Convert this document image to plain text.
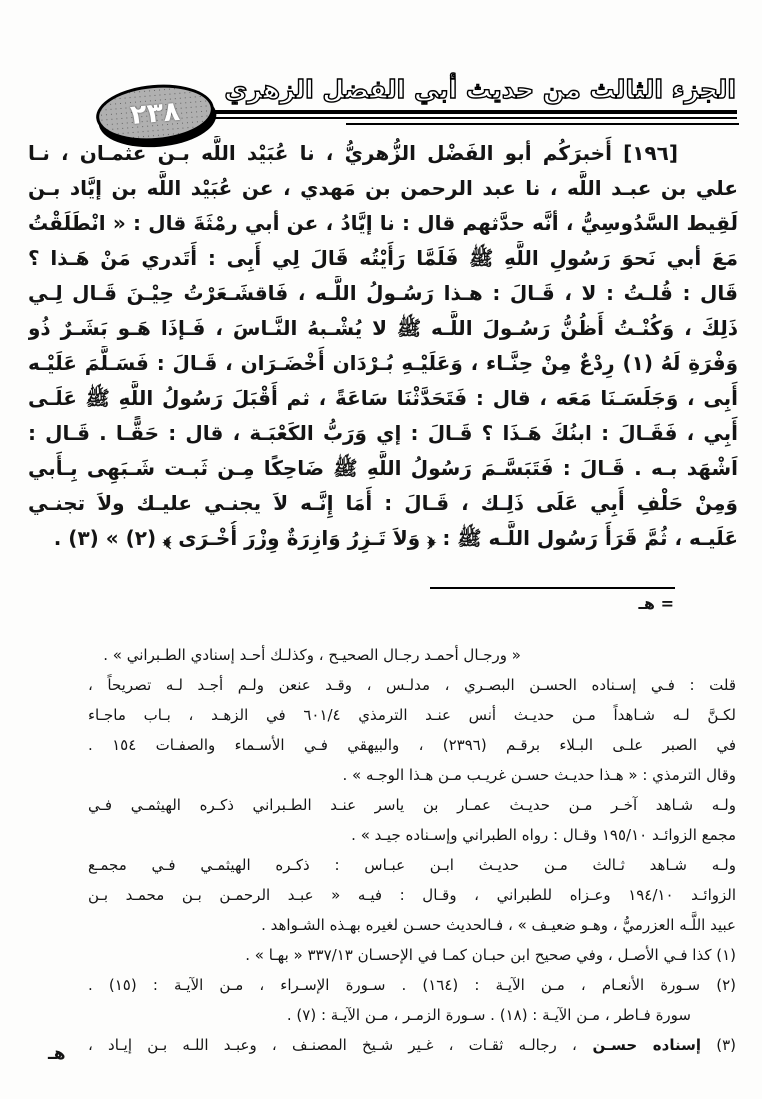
الجزء الثالث من حديث أبي الفضل الزهري
٢٣٨
[١٩٦] أَخبرَكُم أبو الفَضْل الزُّهريُّ ، نا عُبَيْد اللَّه بـن عثمـان ، نـا
علي بن عبـد اللَّه ، نا عبد الرحمن بن مَهدي ، عن عُبَيْد اللَّه بن إيَّاد بـن
لَقِيط السَّدُوسِيُّ ، أنَّه حدَّثهم قال : نا إيَّادُ ، عن أبي رمْثَةَ قال : « انْطَلَقْتُ
مَعَ أبي نَحوَ رَسُولِ اللَّهِ ﷺ فَلَمَّا رَأَيْتُه قَالَ لِي أَبِى : أَتَدري مَنْ هَـذا ؟
قَال : قُلـتُ : لا ، قَـالَ : هـذا رَسُـولُ اللَّـه ، فَاقشَـعَرْتُ حِيْـنَ قَـال لِـي
ذَلِكَ ، وَكُنْـتُ أَظُنُّ رَسُـولَ اللَّـه ﷺ لا يُشْـبهُ النَّـاسَ ، فَـإذَا هَـو بَشَـرٌ ذُو
وَفْرَةِ لَهُ (١) رِدْعٌ مِنْ حِنَّـاء ، وَعَلَيْـهِ بُـرْدَان أَخْضَـرَان ، قَـالَ : فَسَـلَّمَ عَلَيْـه
أَبِى ، وَجَلَسَـنَا مَعَه ، قال : فَتَحَدَّثْنَا سَاعَةً ، ثم أَقْبَلَ رَسُولُ اللَّهِ ﷺ عَلَـى
أَبِي ، فَقَـالَ : ابنُكَ هَـذَا ؟ قَـالَ : إي وَرَبُّ الكَعْبَـة ، قال : حَقًّـا . قَـال :
اَشْهَد بـه . قَـالَ : فَتَبَسَّـمَ رَسُولُ اللَّهِ ﷺ ضَاحِكًا مِـن ثَبـت شَـبَهِى بِـأَبي
وَمِنْ حَلْفِ أَبِي عَلَى ذَلِـك ، قَـالَ : أَمَا إِنَّـه لاَ يجنـي عليـك ولاَ تجنـي
عَلَيـه ، ثُمَّ قَرَأَ رَسُول اللَّـه ﷺ : ﴿ وَلاَ تَـزِرُ وَازِرَةٌ وِزْرَ أُخْـرَى ﴾ (٢) » (٣) .
= هـ
« ورجـال أحمـد رجـال الصحيـح ، وكذلـك أحـد إسنادي الطـبراني » .
قلت : فـي إسـناده الحسـن البصـري ، مدلـس ، وقـد عنعن ولـم أجـد لـه تصريحاً ،
لكـنَّ لـه شـاهداً مـن حديـث أنس عنـد الترمذي ٦٠١/٤ في الزهـد ، بـاب ماجـاء
في الصبر علـى البـلاء برقـم (٢٣٩٦) ، والبيهقي فـي الأسـماء والصفـات ١٥٤ .
وقال الترمذي : « هـذا حديـث حسـن غريـب مـن هـذا الوجـه » .
ولـه شـاهد آخـر مـن حديـث عمـار بن ياسر عنـد الطـبراني ذكـره الهيثمـي فـي
مجمع الزوائـد ١٩٥/١٠ وقـال : رواه الطبراني وإسـناده جيـد » .
ولـه شـاهد ثـالث مـن حديـث ابـن عبـاس : ذكـره الهيثمـي فـي مجمـع
الزوائـد ١٩٤/١٠ وعـزاه للطبراني ، وقـال : فيـه « عبـد الرحمـن بـن محمـد بـن
عبيد اللَّـه العزرميُّ ، وهـو ضعيـف » ، فـالحديث حسـن لغيره بهـذه الشـواهد .
(١) كذا فـي الأصـل ، وفي صحيح ابن حبـان كمـا في الإحسـان ٣٣٧/١٣ « بهـا » .
(٢) سـورة الأنعـام ، مـن الآيـة : (١٦٤) . سـورة الإسـراء ، مـن الآيـة : (١٥) .
سورة فـاطر ، مـن الآيـة : (١٨) . سـورة الزمـر ، مـن الآيـة : (٧) .
(٣) إسناده حسـن ، رجالـه ثقـات ، غـير شـيخ المصنـف ، وعبـد اللـه بـن إيـاد ،
هـ
